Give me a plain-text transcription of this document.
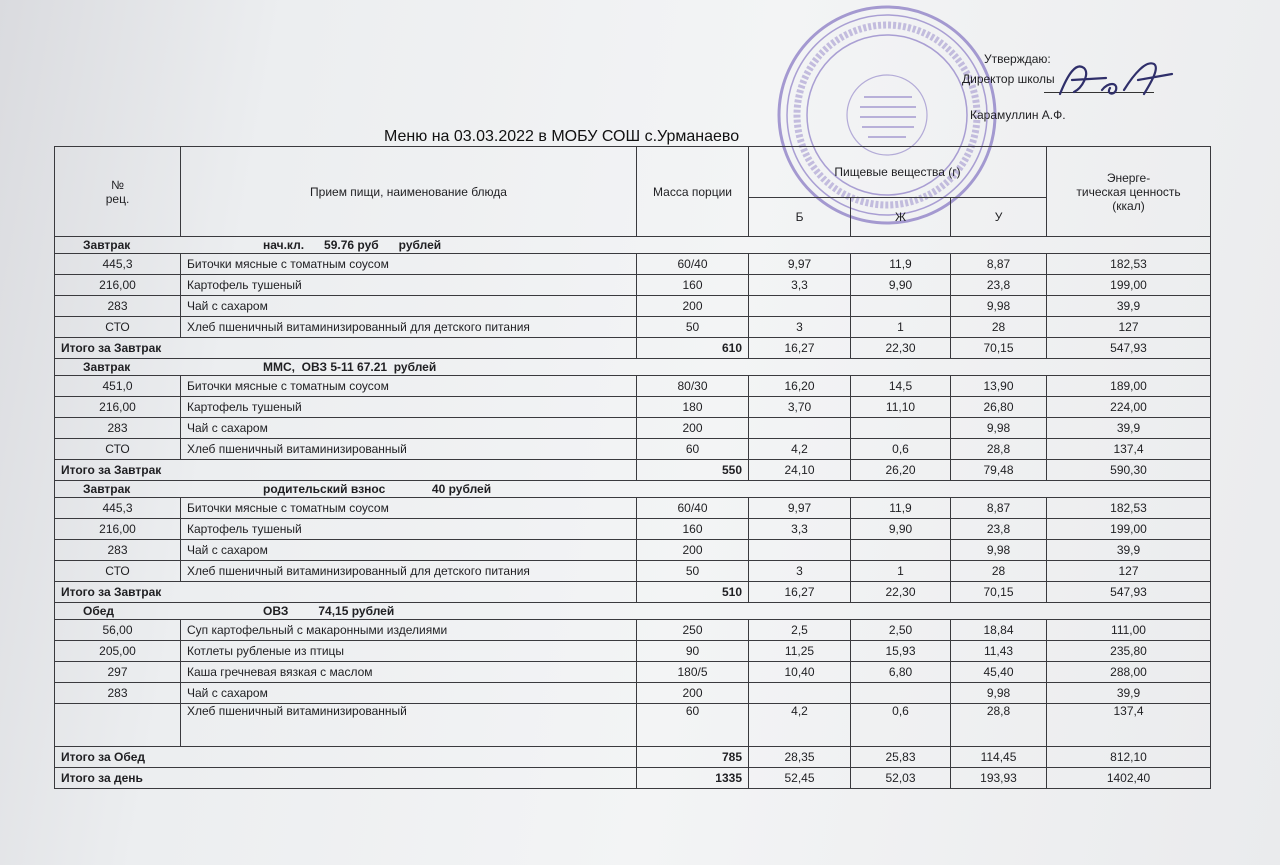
Утверждаю:
Директор школы
Карамуллин А.Ф.
Меню на 03.03.2022 в МОБУ СОШ с.Урманаево
№
рец.	Прием пищи, наименование блюда	Масса порции	Пищевые вещества (г)			Энерге-
тическая ценность
(ккал)
			Б	Ж	У	
Завтрак нач.кл.      59.76 руб      рублей						
445,3	Биточки мясные с томатным соусом	60/40	9,97	11,9	8,87	182,53
216,00	Картофель тушеный	160	3,3	9,90	23,8	199,00
283	Чай с сахаром	200			9,98	39,9
СТО	Хлеб пшеничный витаминизированный для детского питания	50	3	1	28	127
Итого за Завтрак		610	16,27	22,30	70,15	547,93
Завтрак ММС,  ОВЗ 5-11 67.21  рублей						
451,0	Биточки мясные с томатным соусом	80/30	16,20	14,5	13,90	189,00
216,00	Картофель тушеный	180	3,70	11,10	26,80	224,00
283	Чай с сахаром	200			9,98	39,9
СТО	Хлеб пшеничный витаминизированный	60	4,2	0,6	28,8	137,4
Итого за Завтрак		550	24,10	26,20	79,48	590,30
Завтрак родительский взнос              40 рублей						
445,3	Биточки мясные с томатным соусом	60/40	9,97	11,9	8,87	182,53
216,00	Картофель тушеный	160	3,3	9,90	23,8	199,00
283	Чай с сахаром	200			9,98	39,9
СТО	Хлеб пшеничный витаминизированный для детского питания	50	3	1	28	127
Итого за Завтрак		510	16,27	22,30	70,15	547,93
Обед ОВЗ         74,15 рублей						
56,00	Суп картофельный с макаронными изделиями	250	2,5	2,50	18,84	111,00
205,00	Котлеты рубленые из птицы	90	11,25	15,93	11,43	235,80
297	Каша гречневая вязкая с маслом	180/5	10,40	6,80	45,40	288,00
283	Чай с сахаром	200			9,98	39,9
	Хлеб пшеничный витаминизированный	60	4,2	0,6	28,8	137,4
Итого за Обед		785	28,35	25,83	114,45	812,10
Итого за день		1335	52,45	52,03	193,93	1402,40
